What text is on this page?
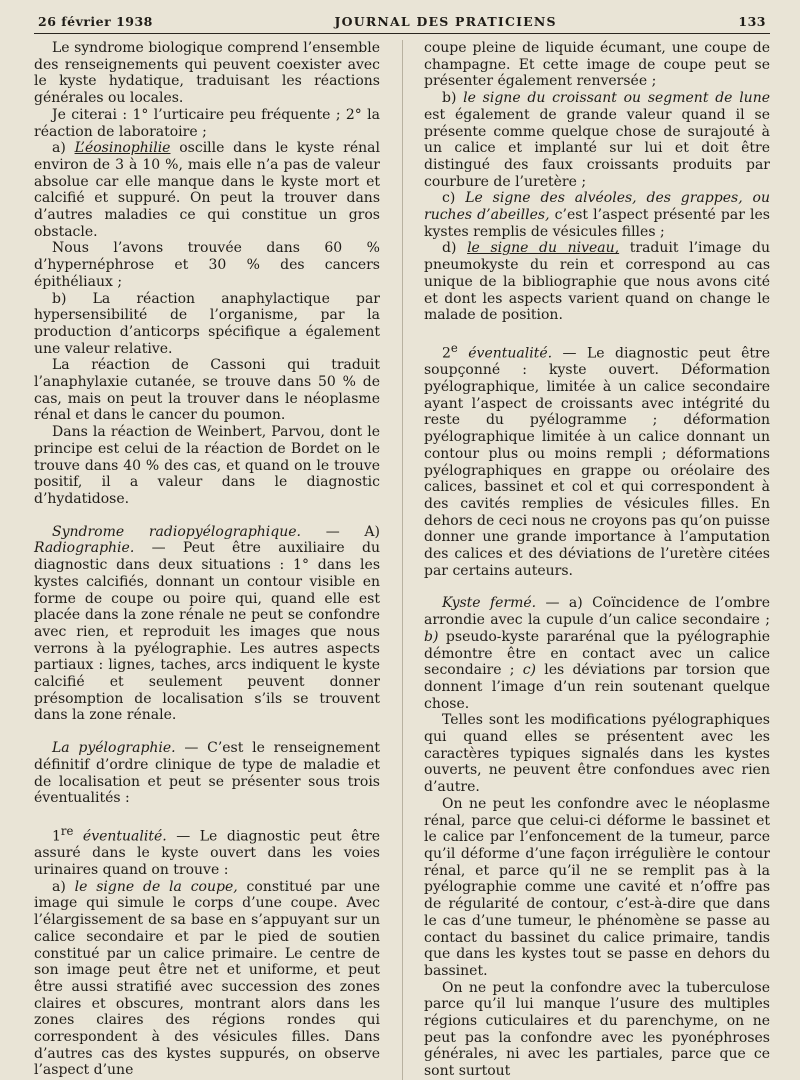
26 février 1938	JOURNAL DES PRATICIENS	133

Le syndrome biologique comprend l’ensemble des renseignements qui peuvent coexister avec le kyste hydatique, traduisant les réactions générales ou locales.

Je citerai : 1° l’urticaire peu fréquente ; 2° la réaction de laboratoire ;

a) L’éosinophilie oscille dans le kyste rénal environ de 3 à 10 %, mais elle n’a pas de valeur absolue car elle manque dans le kyste mort et calcifié et suppuré. On peut la trouver dans d’autres maladies ce qui constitue un gros obstacle.

Nous l’avons trouvée dans 60 % d’hypernéphrose et 30 % des cancers épithéliaux ;

b) La réaction anaphylactique par hypersensibilité de l’organisme, par la production d’anticorps spécifique a également une valeur relative.

La réaction de Cassoni qui traduit l’anaphylaxie cutanée, se trouve dans 50 % de cas, mais on peut la trouver dans le néoplasme rénal et dans le cancer du poumon.

Dans la réaction de Weinbert, Parvou, dont le principe est celui de la réaction de Bordet on le trouve dans 40 % des cas, et quand on le trouve positif, il a valeur dans le diagnostic d’hydatidose.

Syndrome radiopyélographique. — A) Radiographie. — Peut être auxiliaire du diagnostic dans deux situations : 1° dans les kystes calcifiés, donnant un contour visible en forme de coupe ou poire qui, quand elle est placée dans la zone rénale ne peut se confondre avec rien, et reproduit les images que nous verrons à la pyélographie. Les autres aspects partiaux : lignes, taches, arcs indiquent le kyste calcifié et seulement peuvent donner présomption de localisation s’ils se trouvent dans la zone rénale.

La pyélographie. — C’est le renseignement définitif d’ordre clinique de type de maladie et de localisation et peut se présenter sous trois éventualités :

1re éventualité. — Le diagnostic peut être assuré dans le kyste ouvert dans les voies urinaires quand on trouve :

a) le signe de la coupe, constitué par une image qui simule le corps d’une coupe. Avec l’élargissement de sa base en s’appuyant sur un calice secondaire et par le pied de soutien constitué par un calice primaire. Le centre de son image peut être net et uniforme, et peut être aussi stratifié avec succession des zones claires et obscures, montrant alors dans les zones claires des régions rondes qui correspondent à des vésicules filles. Dans d’autres cas des kystes suppurés, on observe l’aspect d’une

coupe pleine de liquide écumant, une coupe de champagne. Et cette image de coupe peut se présenter également renversée ;

b) le signe du croissant ou segment de lune est également de grande valeur quand il se présente comme quelque chose de surajouté à un calice et implanté sur lui et doit être distingué des faux croissants produits par courbure de l’uretère ;

c) Le signe des alvéoles, des grappes, ou ruches d’abeilles, c’est l’aspect présenté par les kystes remplis de vésicules filles ;

d) le signe du niveau, traduit l’image du pneumokyste du rein et correspond au cas unique de la bibliographie que nous avons cité et dont les aspects varient quand on change le malade de position.

2e éventualité. — Le diagnostic peut être soupçonné : kyste ouvert. Déformation pyélographique, limitée à un calice secondaire ayant l’aspect de croissants avec intégrité du reste du pyélogramme ; déformation pyélographique limitée à un calice donnant un contour plus ou moins rempli ; déformations pyélographiques en grappe ou oréolaire des calices, bassinet et col et qui correspondent à des cavités remplies de vésicules filles. En dehors de ceci nous ne croyons pas qu’on puisse donner une grande importance à l’amputation des calices et des déviations de l’uretère citées par certains auteurs.

Kyste fermé. — a) Coïncidence de l’ombre arrondie avec la cupule d’un calice secondaire ; b) pseudo-kyste pararénal que la pyélographie démontre être en contact avec un calice secondaire ; c) les déviations par torsion que donnent l’image d’un rein soutenant quelque chose.

Telles sont les modifications pyélographiques qui quand elles se présentent avec les caractères typiques signalés dans les kystes ouverts, ne peuvent être confondues avec rien d’autre.

On ne peut les confondre avec le néoplasme rénal, parce que celui-ci déforme le bassinet et le calice par l’enfoncement de la tumeur, parce qu’il déforme d’une façon irrégulière le contour rénal, et parce qu’il ne se remplit pas à la pyélographie comme une cavité et n’offre pas de régularité de contour, c’est-à-dire que dans le cas d’une tumeur, le phénomène se passe au contact du bassinet du calice primaire, tandis que dans les kystes tout se passe en dehors du bassinet.

On ne peut la confondre avec la tuberculose parce qu’il lui manque l’usure des multiples régions cuticulaires et du parenchyme, on ne peut pas la confondre avec les pyonéphroses générales, ni avec les partiales, parce que ce sont surtout
